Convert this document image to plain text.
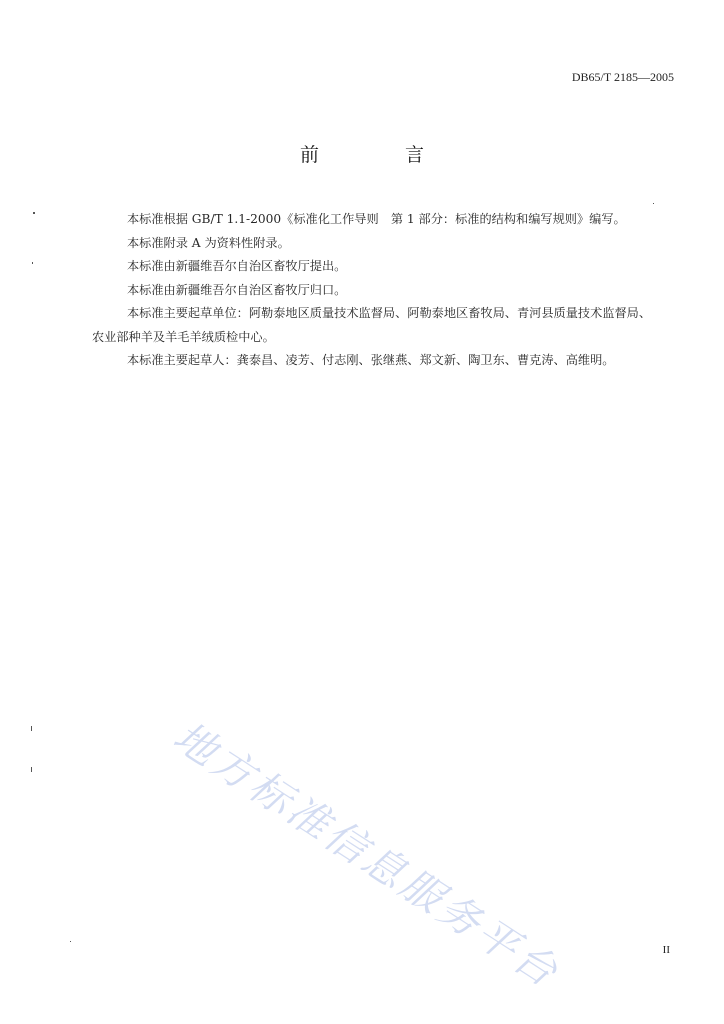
DB65/T 2185—2005
前 言

本标准根据 GB/T 1.1-2000《标准化工作导则　第 1 部分：标准的结构和编写规则》编写。

本标准附录 A 为资料性附录。

本标准由新疆维吾尔自治区畜牧厅提出。

本标准由新疆维吾尔自治区畜牧厅归口。

本标准主要起草单位：阿勒泰地区质量技术监督局、阿勒泰地区畜牧局、青河县质量技术监督局、

农业部种羊及羊毛羊绒质检中心。

本标准主要起草人：龚泰昌、凌芳、付志刚、张继燕、郑文新、陶卫东、曹克涛、高维明。

地方标准信息服务平台	II
